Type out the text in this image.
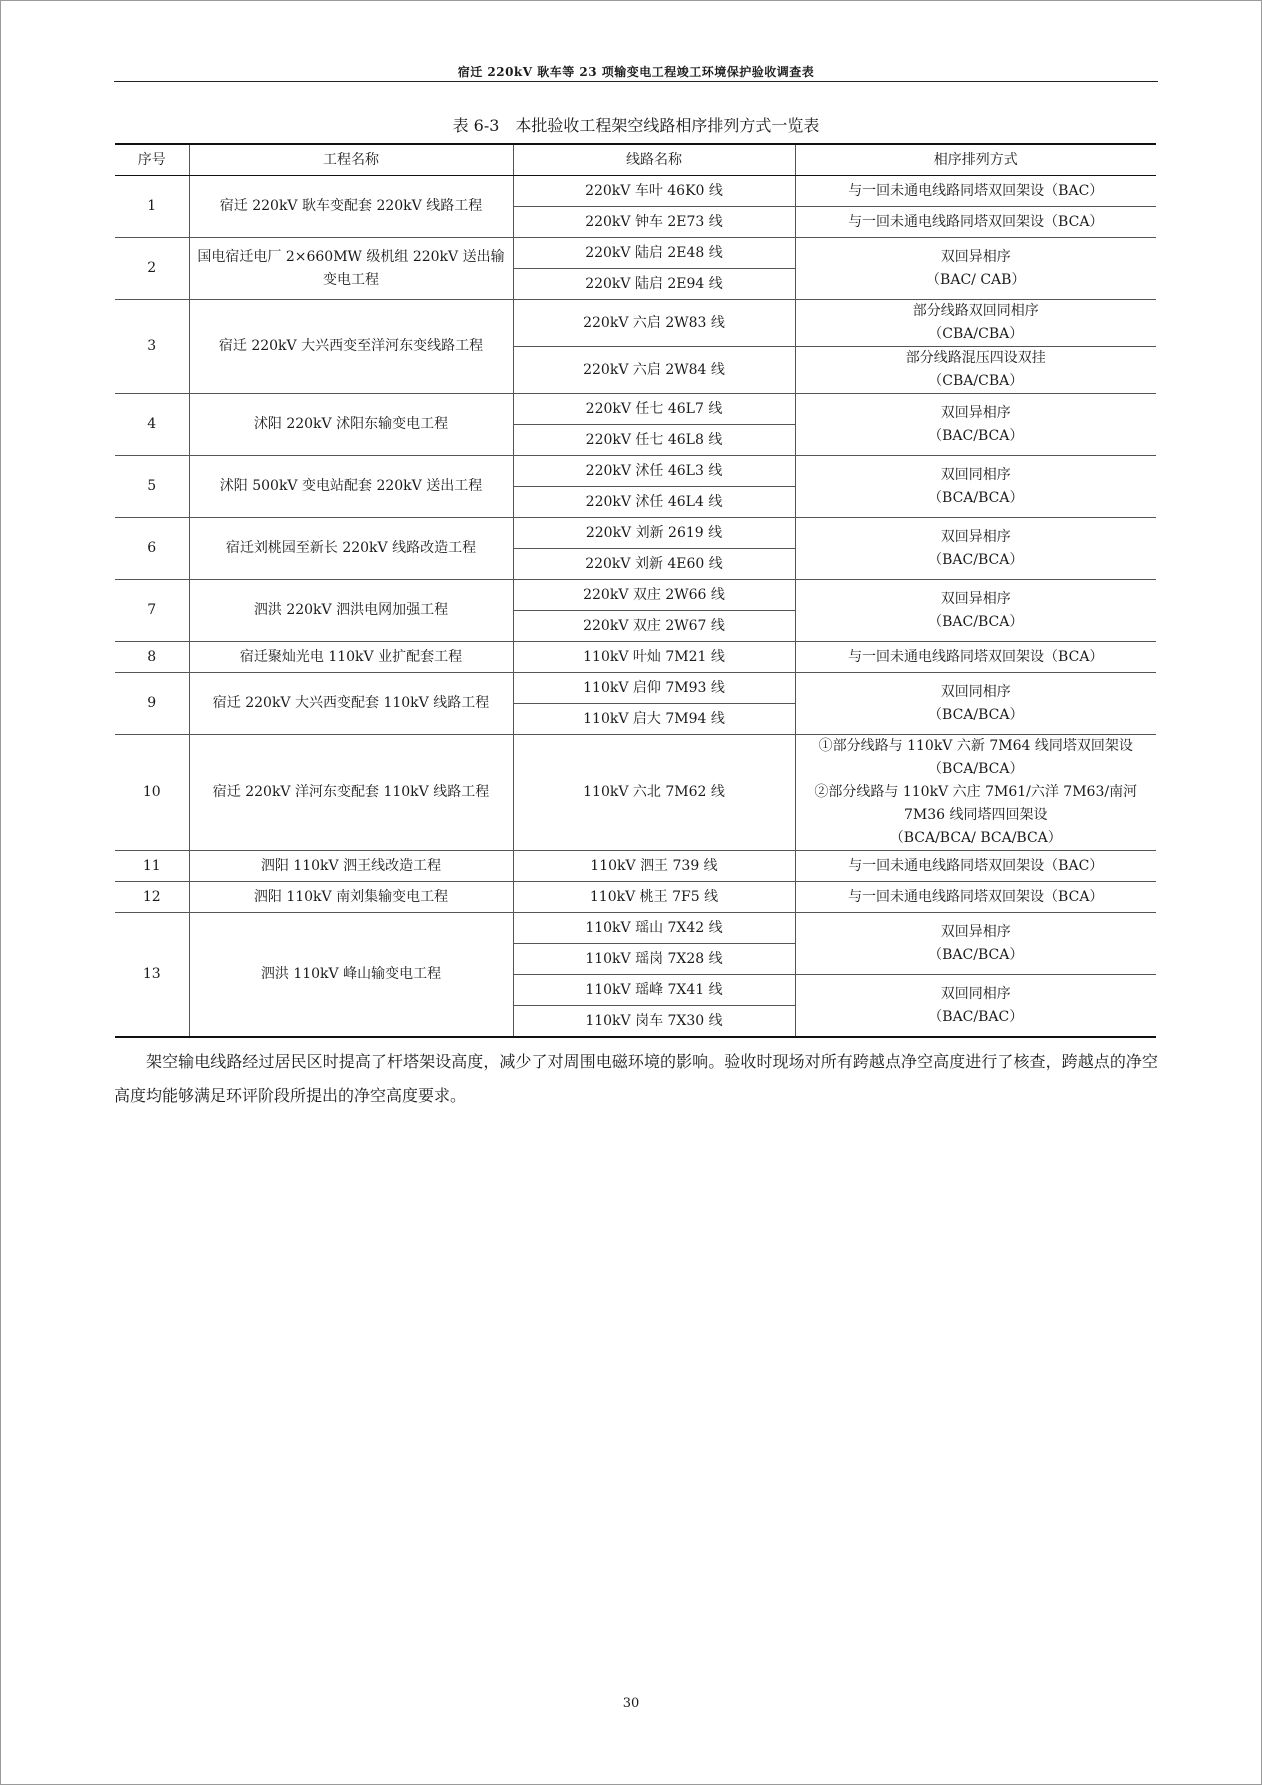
宿迁 220kV 耿车等 23 项输变电工程竣工环境保护验收调查表
表 6-3　本批验收工程架空线路相序排列方式一览表
序号	工程名称	线路名称	相序排列方式
1	宿迁 220kV 耿车变配套 220kV 线路工程	220kV 车叶 46K0 线	与一回未通电线路同塔双回架设（BAC）
		220kV 钟车 2E73 线	与一回未通电线路同塔双回架设（BCA）
2	国电宿迁电厂 2×660MW 级机组 220kV 送出输变电工程	220kV 陆启 2E48 线	双回异相序
（BAC/ CAB）
		220kV 陆启 2E94 线	
3	宿迁 220kV 大兴西变至洋河东变线路工程	220kV 六启 2W83 线	部分线路双回同相序
（CBA/CBA）
		220kV 六启 2W84 线	部分线路混压四设双挂
（CBA/CBA）
4	沭阳 220kV 沭阳东输变电工程	220kV 任七 46L7 线	双回异相序
（BAC/BCA）
		220kV 任七 46L8 线	
5	沭阳 500kV 变电站配套 220kV 送出工程	220kV 沭任 46L3 线	双回同相序
（BCA/BCA）
		220kV 沭任 46L4 线	
6	宿迁刘桃园至新长 220kV 线路改造工程	220kV 刘新 2619 线	双回异相序
（BAC/BCA）
		220kV 刘新 4E60 线	
7	泗洪 220kV 泗洪电网加强工程	220kV 双庄 2W66 线	双回异相序
（BAC/BCA）
		220kV 双庄 2W67 线	
8	宿迁聚灿光电 110kV 业扩配套工程	110kV 叶灿 7M21 线	与一回未通电线路同塔双回架设（BCA）
9	宿迁 220kV 大兴西变配套 110kV 线路工程	110kV 启仰 7M93 线	双回同相序
（BCA/BCA）
		110kV 启大 7M94 线	
10	宿迁 220kV 洋河东变配套 110kV 线路工程	110kV 六北 7M62 线	①部分线路与 110kV 六新 7M64 线同塔双回架设
（BCA/BCA）
②部分线路与 110kV 六庄 7M61/六洋 7M63/南河 7M36 线同塔四回架设
（BCA/BCA/ BCA/BCA）
11	泗阳 110kV 泗王线改造工程	110kV 泗王 739 线	与一回未通电线路同塔双回架设（BAC）
12	泗阳 110kV 南刘集输变电工程	110kV 桃王 7F5 线	与一回未通电线路同塔双回架设（BCA）
13	泗洪 110kV 峰山输变电工程	110kV 瑶山 7X42 线	双回异相序
（BAC/BCA）
		110kV 瑶岗 7X28 线	
		110kV 瑶峰 7X41 线	双回同相序
（BAC/BAC）
		110kV 岗车 7X30 线	
架空输电线路经过居民区时提高了杆塔架设高度，减少了对周围电磁环境的影响。验收时现场对所有跨越点净空高度进行了核查，跨越点的净空高度均能够满足环评阶段所提出的净空高度要求。
30
